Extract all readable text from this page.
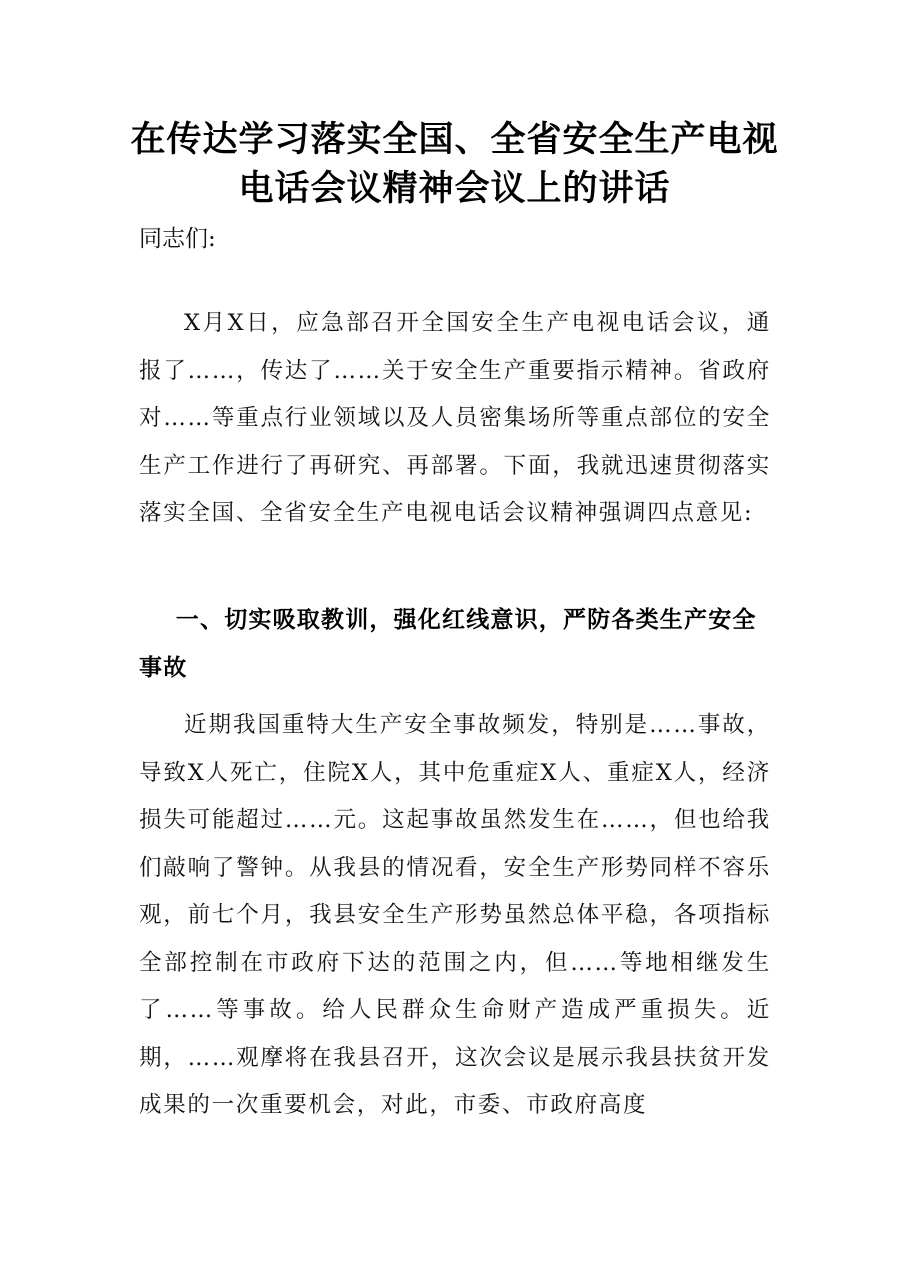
在传达学习落实全国、全省安全生产电视
电话会议精神会议上的讲话
同志们:

X月X日，应急部召开全国安全生产电视电话会议，通报了……，传达了……关于安全生产重要指示精神。省政府对……等重点行业领域以及人员密集场所等重点部位的安全生产工作进行了再研究、再部署。下面，我就迅速贯彻落实落实全国、全省安全生产电视电话会议精神强调四点意见:

一、切实吸取教训，强化红线意识，严防各类生产安全事故

近期我国重特大生产安全事故频发，特别是……事故，导致X人死亡，住院X人，其中危重症X人、重症X人，经济损失可能超过……元。这起事故虽然发生在……，但也给我们敲响了警钟。从我县的情况看，安全生产形势同样不容乐观，前七个月，我县安全生产形势虽然总体平稳，各项指标全部控制在市政府下达的范围之内，但……等地相继发生了……等事故。给人民群众生命财产造成严重损失。近期，……观摩将在我县召开，这次会议是展示我县扶贫开发成果的一次重要机会，对此，市委、市政府高度
